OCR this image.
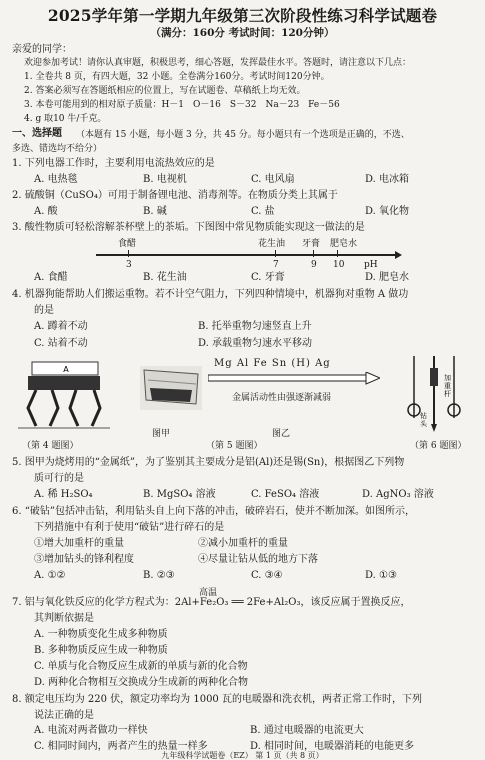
2025学年第一学期九年级第三次阶段性练习科学试题卷
（满分：160分 考试时间：120分钟）
亲爱的同学：
欢迎参加考试！请你认真审题，积极思考，细心答题，发挥最佳水平。答题时，请注意以下几点：
1. 全卷共 8 页，有四大题，32 小题。全卷满分160分。考试时间120分钟。
2. 答案必须写在答题纸相应的位置上，写在试题卷、草稿纸上均无效。
3. 本卷可能用到的相对原子质量：H－1　O－16　S－32　Na－23　Fe－56
4. g 取10 牛/千克。
一、选择题 （本题有 15 小题，每小题 3 分，共 45 分。每小题只有一个选项是正确的，不选、
多选、错选均不给分）
1. 下列电器工作时，主要利用电流热效应的是
A. 电热毯	B. 电视机	C. 电风扇	D. 电冰箱
2. 硫酸铜（CuSO₄）可用于制备锂电池、消毒剂等。在物质分类上其属于
A. 酸	B. 碱	C. 盐	D. 氧化物
3. 酸性物质可轻松溶解茶杯壁上的茶垢。下图图中常见物质能实现这一做法的是
食醋	花生油 牙膏 肥皂水
3	7	9 10 pH
A. 食醋	B. 花生油	C. 牙膏	D. 肥皂水
4. 机器狗能帮助人们搬运重物。若不计空气阻力，下列四种情境中，机器狗对重物 A 做功
的是
A. 蹲着不动	B. 托举重物匀速竖直上升
C. 站着不动	D. 承载重物匀速水平移动
A
（第 4 题图）
图甲
Mg Al Fe Sn (H) Ag
金属活动性由强逐渐减弱
图乙
（第 5 题图）
加
重
杆
钻
头
（第 6 题图）
5. 图甲为烧烤用的“金属纸”，为了鉴别其主要成分是铝(Al)还是锡(Sn)，根据图乙下列物
质可行的是
A. 稀 H₂SO₄	B. MgSO₄ 溶液	C. FeSO₄ 溶液	D. AgNO₃ 溶液
6. “破钻”包括冲击钻，利用钻头自上向下落的冲击，破碎岩石，使并不断加深。如图所示，
下列措施中有利于使用“破钻”进行碎石的是
①增大加重杆的重量	②减小加重杆的重量
③增加钻头的锋利程度	④尽量让钻从低的地方下落
A. ①②	B. ②③	C. ③④	D. ①③
高温
7. 铝与氧化铁反应的化学方程式为：2Al+Fe₂O₃ ══ 2Fe+Al₂O₃，该反应属于置换反应，
其判断依据是
A. 一种物质变化生成多种物质
B. 多种物质反应生成一种物质
C. 单质与化合物反应生成新的单质与新的化合物
D. 两种化合物相互交换成分生成新的两种化合物
8. 额定电压均为 220 伏，额定功率均为 1000 瓦的电暖器和洗衣机，两者正常工作时，下列
说法正确的是
A. 电流对两者做功一样快	B. 通过电暖器的电流更大
C. 相同时间内，两者产生的热量一样多	D. 相同时间，电暖器消耗的电能更多
九年级科学试题卷（EZ） 第 1 页（共 8 页）
